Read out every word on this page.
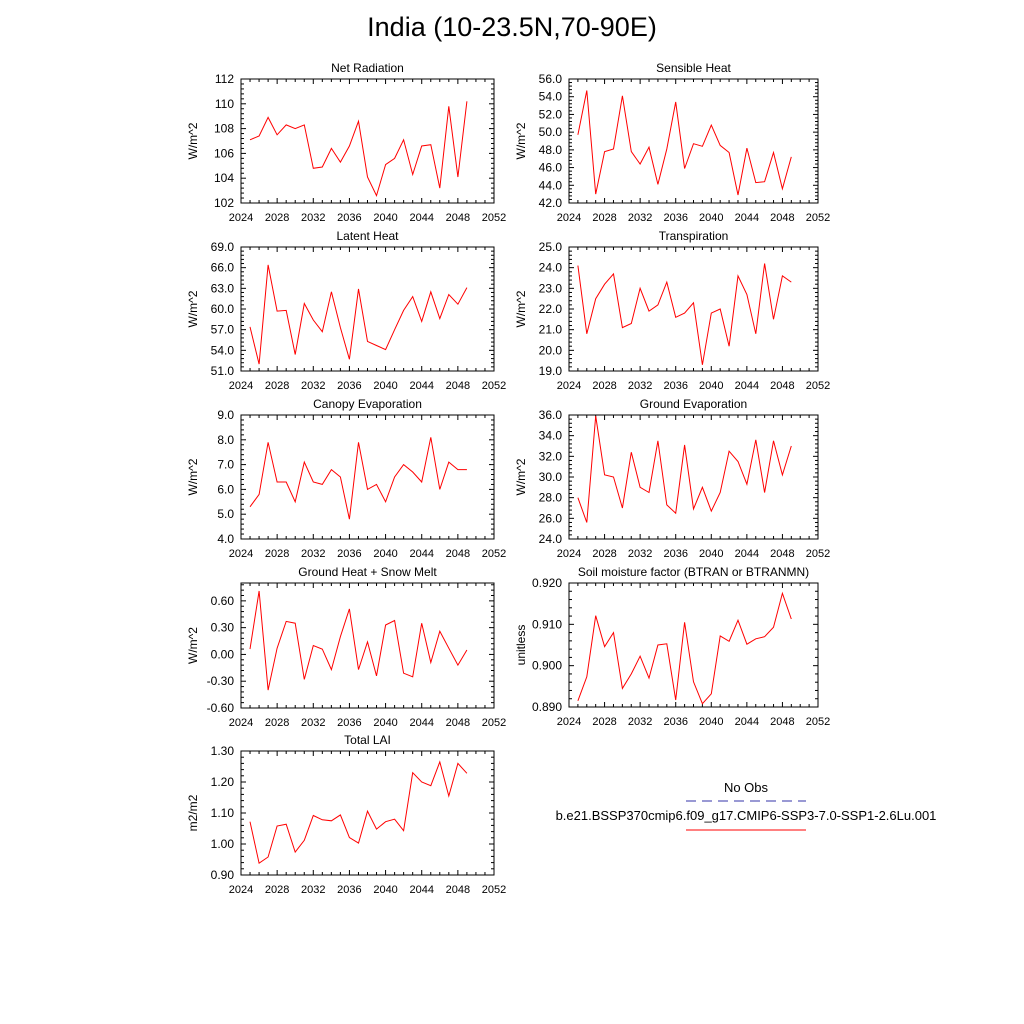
India (10-23.5N,70-90E)
Net Radiation
2024 2028 2032 2036 2040 2044 2048 2052
102
104
106
108
110
112
W/m^2
Sensible Heat
2024 2028 2032 2036 2040 2044 2048 2052
42.0
44.0
46.0
48.0
50.0
52.0
54.0
56.0
W/m^2
Latent Heat
2024 2028 2032 2036 2040 2044 2048 2052
51.0
54.0
57.0
60.0
63.0
66.0
69.0
W/m^2
Transpiration
2024 2028 2032 2036 2040 2044 2048 2052
19.0
20.0
21.0
22.0
23.0
24.0
25.0
W/m^2
Canopy Evaporation
2024 2028 2032 2036 2040 2044 2048 2052
4.0
5.0
6.0
7.0
8.0
9.0
W/m^2
Ground Evaporation
2024 2028 2032 2036 2040 2044 2048 2052
24.0
26.0
28.0
30.0
32.0
34.0
36.0
W/m^2
Ground Heat + Snow Melt
2024 2028 2032 2036 2040 2044 2048 2052
-0.60
-0.30
0.00
0.30
0.60
W/m^2
Soil moisture factor (BTRAN or BTRANMN)
2024 2028 2032 2036 2040 2044 2048 2052
0.890
0.900
0.910
0.920
unitless
Total LAI
2024 2028 2032 2036 2040 2044 2048 2052
0.90
1.00
1.10
1.20
1.30
m2/m2
No Obs
b.e21.BSSP370cmip6.f09_g17.CMIP6-SSP3-7.0-SSP1-2.6Lu.001
